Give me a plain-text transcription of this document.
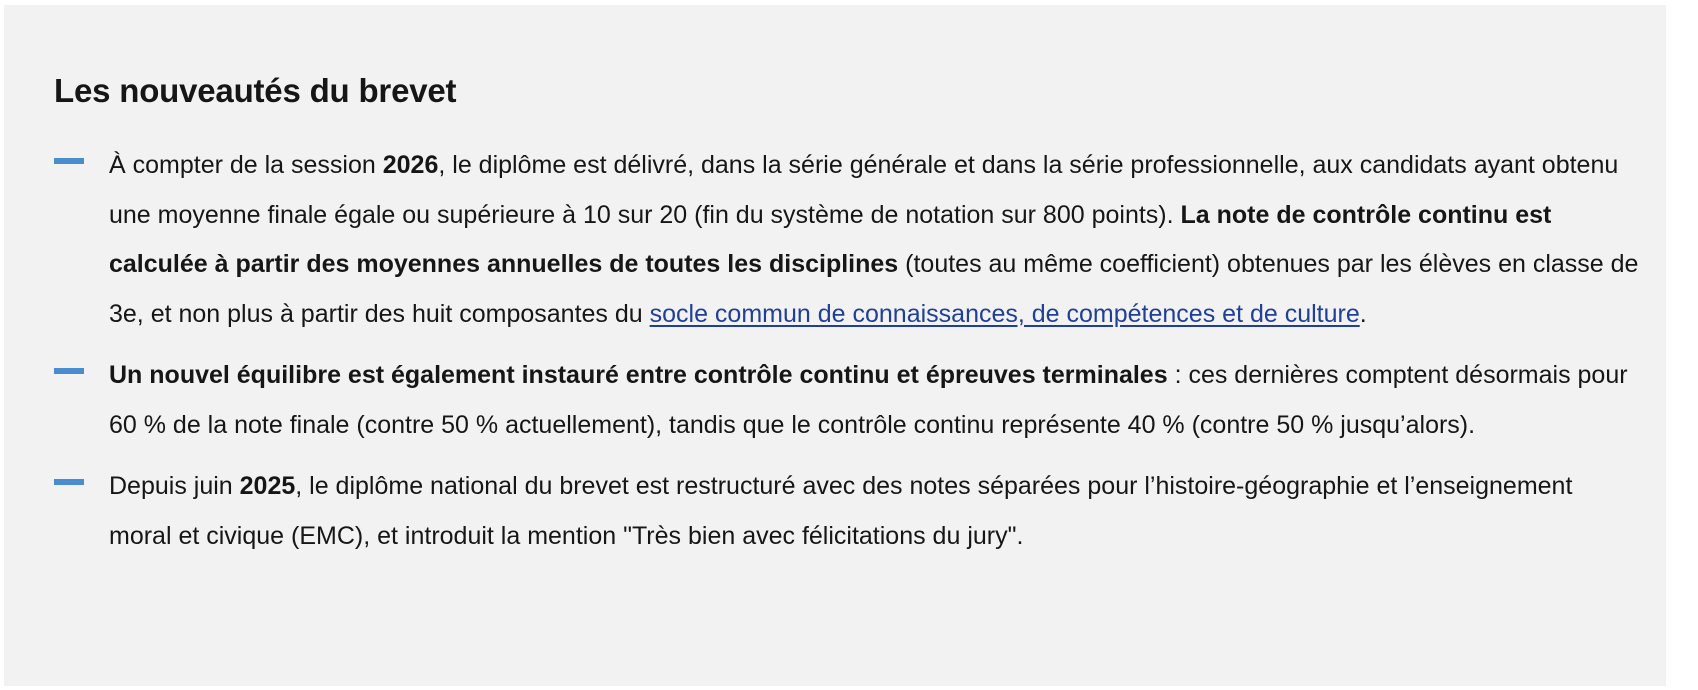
Les nouveautés du brevet
À compter de la session 2026, le diplôme est délivré, dans la série générale et dans la série professionnelle, aux candidats ayant obtenu une moyenne finale égale ou supérieure à 10 sur 20 (fin du système de notation sur 800 points). La note de contrôle continu est calculée à partir des moyennes annuelles de toutes les disciplines (toutes au même coefficient) obtenues par les élèves en classe de 3e, et non plus à partir des huit composantes du socle commun de connaissances, de compétences et de culture.
Un nouvel équilibre est également instauré entre contrôle continu et épreuves terminales : ces dernières comptent désormais pour 60 % de la note finale (contre 50 % actuellement), tandis que le contrôle continu représente 40 % (contre 50 % jusqu’alors).
Depuis juin 2025, le diplôme national du brevet est restructuré avec des notes séparées pour l’histoire-géographie et l’enseignement moral et civique (EMC), et introduit la mention "Très bien avec félicitations du jury".
